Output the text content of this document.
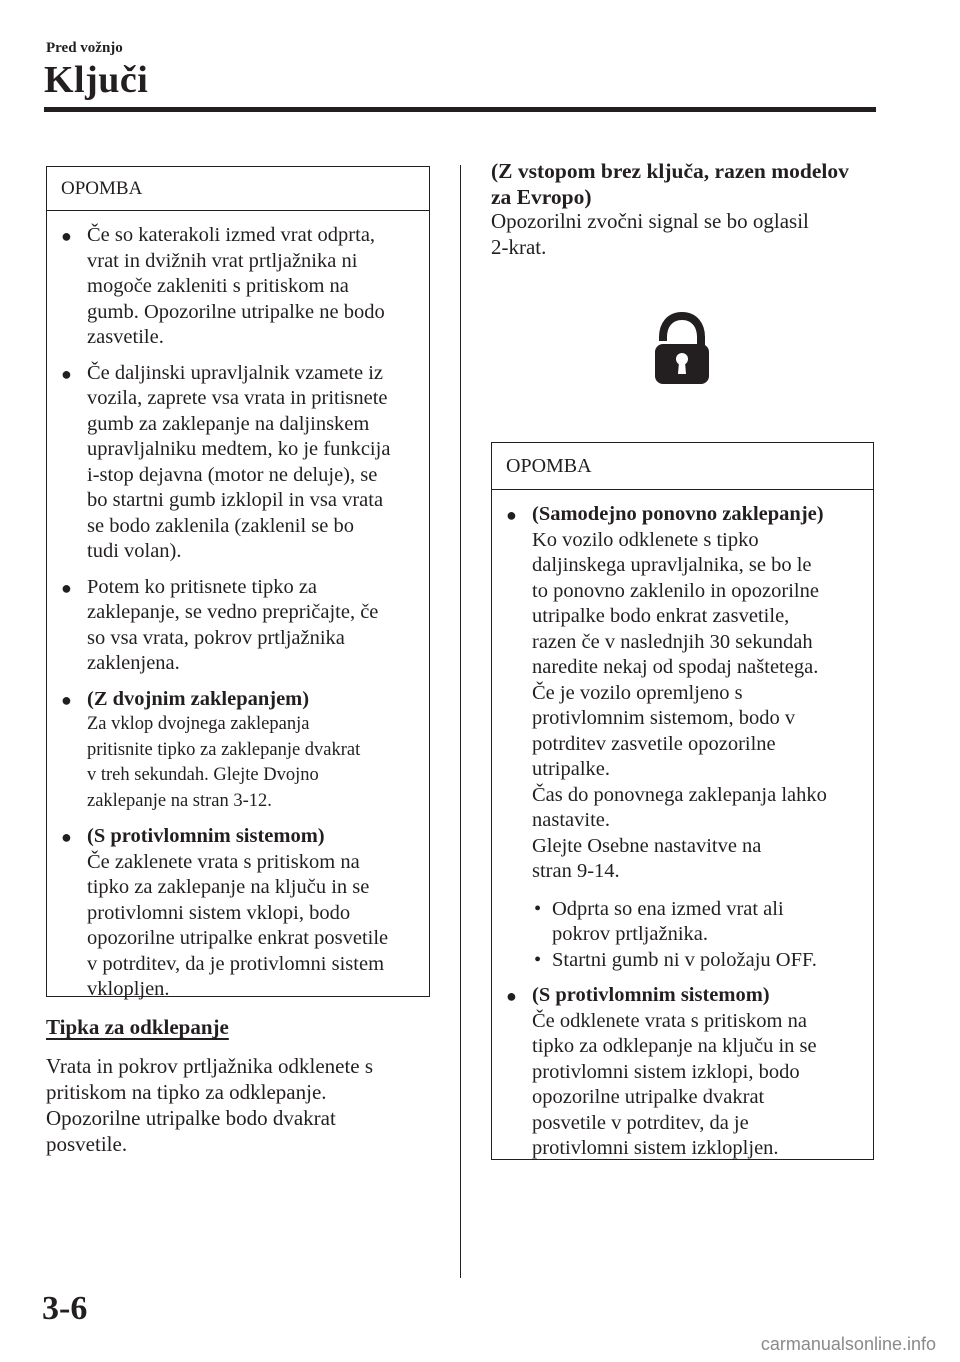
Pred vožnjo
Ključi
OPOMBA
● Če so katerakoli izmed vrat odprta,
vrat in dvižnih vrat prtljažnika ni
mogoče zakleniti s pritiskom na
gumb. Opozorilne utripalke ne bodo
zasvetile.
● Če daljinski upravljalnik vzamete iz
vozila, zaprete vsa vrata in pritisnete
gumb za zaklepanje na daljinskem
upravljalniku medtem, ko je funkcija
i-stop dejavna (motor ne deluje), se
bo startni gumb izklopil in vsa vrata
se bodo zaklenila (zaklenil se bo
tudi volan).
● Potem ko pritisnete tipko za
zaklepanje, se vedno prepričajte, če
so vsa vrata, pokrov prtljažnika
zaklenjena.
● (Z dvojnim zaklepanjem)
Za vklop dvojnega zaklepanja
pritisnite tipko za zaklepanje dvakrat
v treh sekundah. Glejte Dvojno
zaklepanje na stran 3-12.
● (S protivlomnim sistemom)
Če zaklenete vrata s pritiskom na
tipko za zaklepanje na ključu in se
protivlomni sistem vklopi, bodo
opozorilne utripalke enkrat posvetile
v potrditev, da je protivlomni sistem
vklopljen.
Tipka za odklepanje
Vrata in pokrov prtljažnika odklenete s
pritiskom na tipko za odklepanje.
Opozorilne utripalke bodo dvakrat
posvetile.
(Z vstopom brez ključa, razen modelov
za Evropo)
Opozorilni zvočni signal se bo oglasil
2-krat.
OPOMBA
● (Samodejno ponovno zaklepanje)
Ko vozilo odklenete s tipko
daljinskega upravljalnika, se bo le
to ponovno zaklenilo in opozorilne
utripalke bodo enkrat zasvetile,
razen če v naslednjih 30 sekundah
naredite nekaj od spodaj naštetega.
Če je vozilo opremljeno s
protivlomnim sistemom, bodo v
potrditev zasvetile opozorilne
utripalke.
Čas do ponovnega zaklepanja lahko
nastavite.
Glejte Osebne nastavitve na
stran 9-14.
• Odprta so ena izmed vrat ali
pokrov prtljažnika.
• Startni gumb ni v položaju OFF.
● (S protivlomnim sistemom)
Če odklenete vrata s pritiskom na
tipko za odklepanje na ključu in se
protivlomni sistem izklopi, bodo
opozorilne utripalke dvakrat
posvetile v potrditev, da je
protivlomni sistem izklopljen.
3-6
carmanualsonline.info
